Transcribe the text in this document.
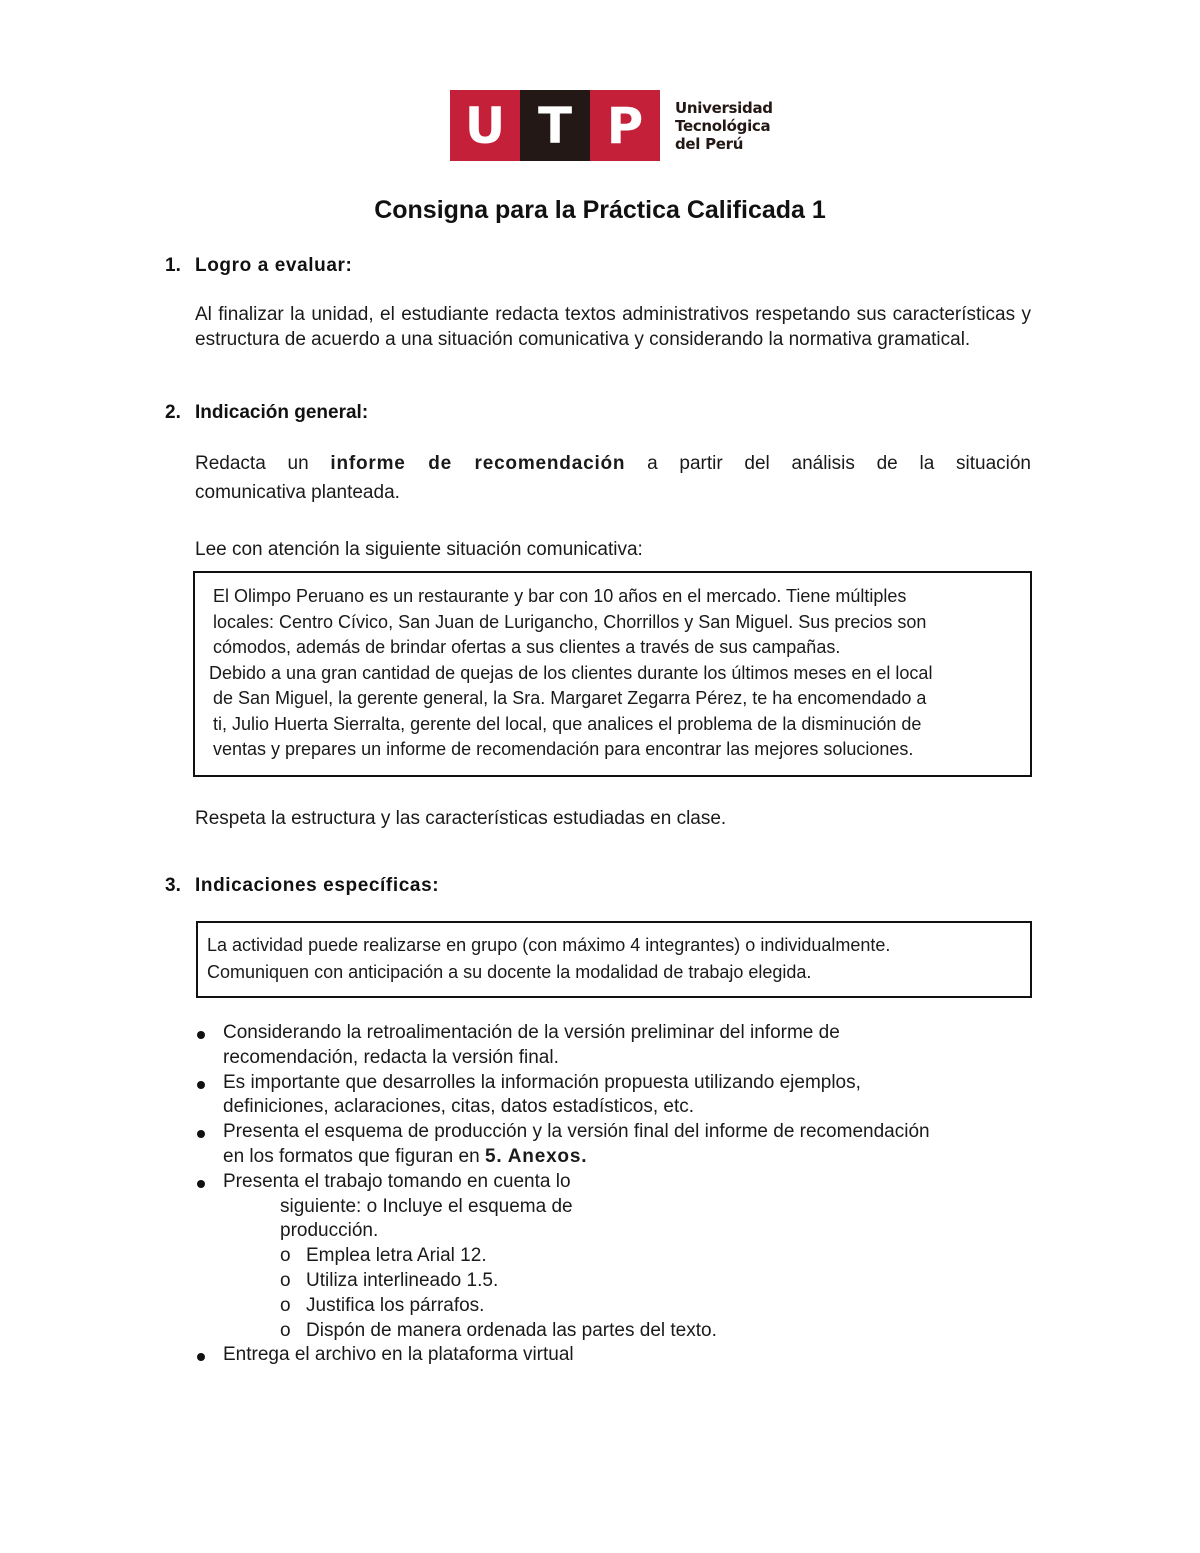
U T P	Universidad
Tecnológica
del Perú
Consigna para la Práctica Calificada 1
1. Logro a evaluar:
Al finalizar la unidad, el estudiante redacta textos administrativos respetando sus características y estructura de acuerdo a una situación comunicativa y considerando la normativa gramatical.
2. Indicación general:
Redacta un informe de recomendación a partir del análisis de la situación
comunicativa planteada.
Lee con atención la siguiente situación comunicativa:
El Olimpo Peruano es un restaurante y bar con 10 años en el mercado. Tiene múltiples
locales: Centro Cívico, San Juan de Lurigancho, Chorrillos y San Miguel. Sus precios son
cómodos, además de brindar ofertas a sus clientes a través de sus campañas.
Debido a una gran cantidad de quejas de los clientes durante los últimos meses en el local
de San Miguel, la gerente general, la Sra. Margaret Zegarra Pérez, te ha encomendado a
ti, Julio Huerta Sierralta, gerente del local, que analices el problema de la disminución de
ventas y prepares un informe de recomendación para encontrar las mejores soluciones.
Respeta la estructura y las características estudiadas en clase.
3. Indicaciones específicas:
La actividad puede realizarse en grupo (con máximo 4 integrantes) o individualmente.
Comuniquen con anticipación a su docente la modalidad de trabajo elegida.
Considerando la retroalimentación de la versión preliminar del informe de
recomendación, redacta la versión final.
Es importante que desarrolles la información propuesta utilizando ejemplos,
definiciones, aclaraciones, citas, datos estadísticos, etc.
Presenta el esquema de producción y la versión final del informe de recomendación
en los formatos que figuran en 5. Anexos.
Presenta el trabajo tomando en cuenta lo
siguiente: o Incluye el esquema de
producción.
o Emplea letra Arial 12.
o Utiliza interlineado 1.5.
o Justifica los párrafos.
o Dispón de manera ordenada las partes del texto.
Entrega el archivo en la plataforma virtual
